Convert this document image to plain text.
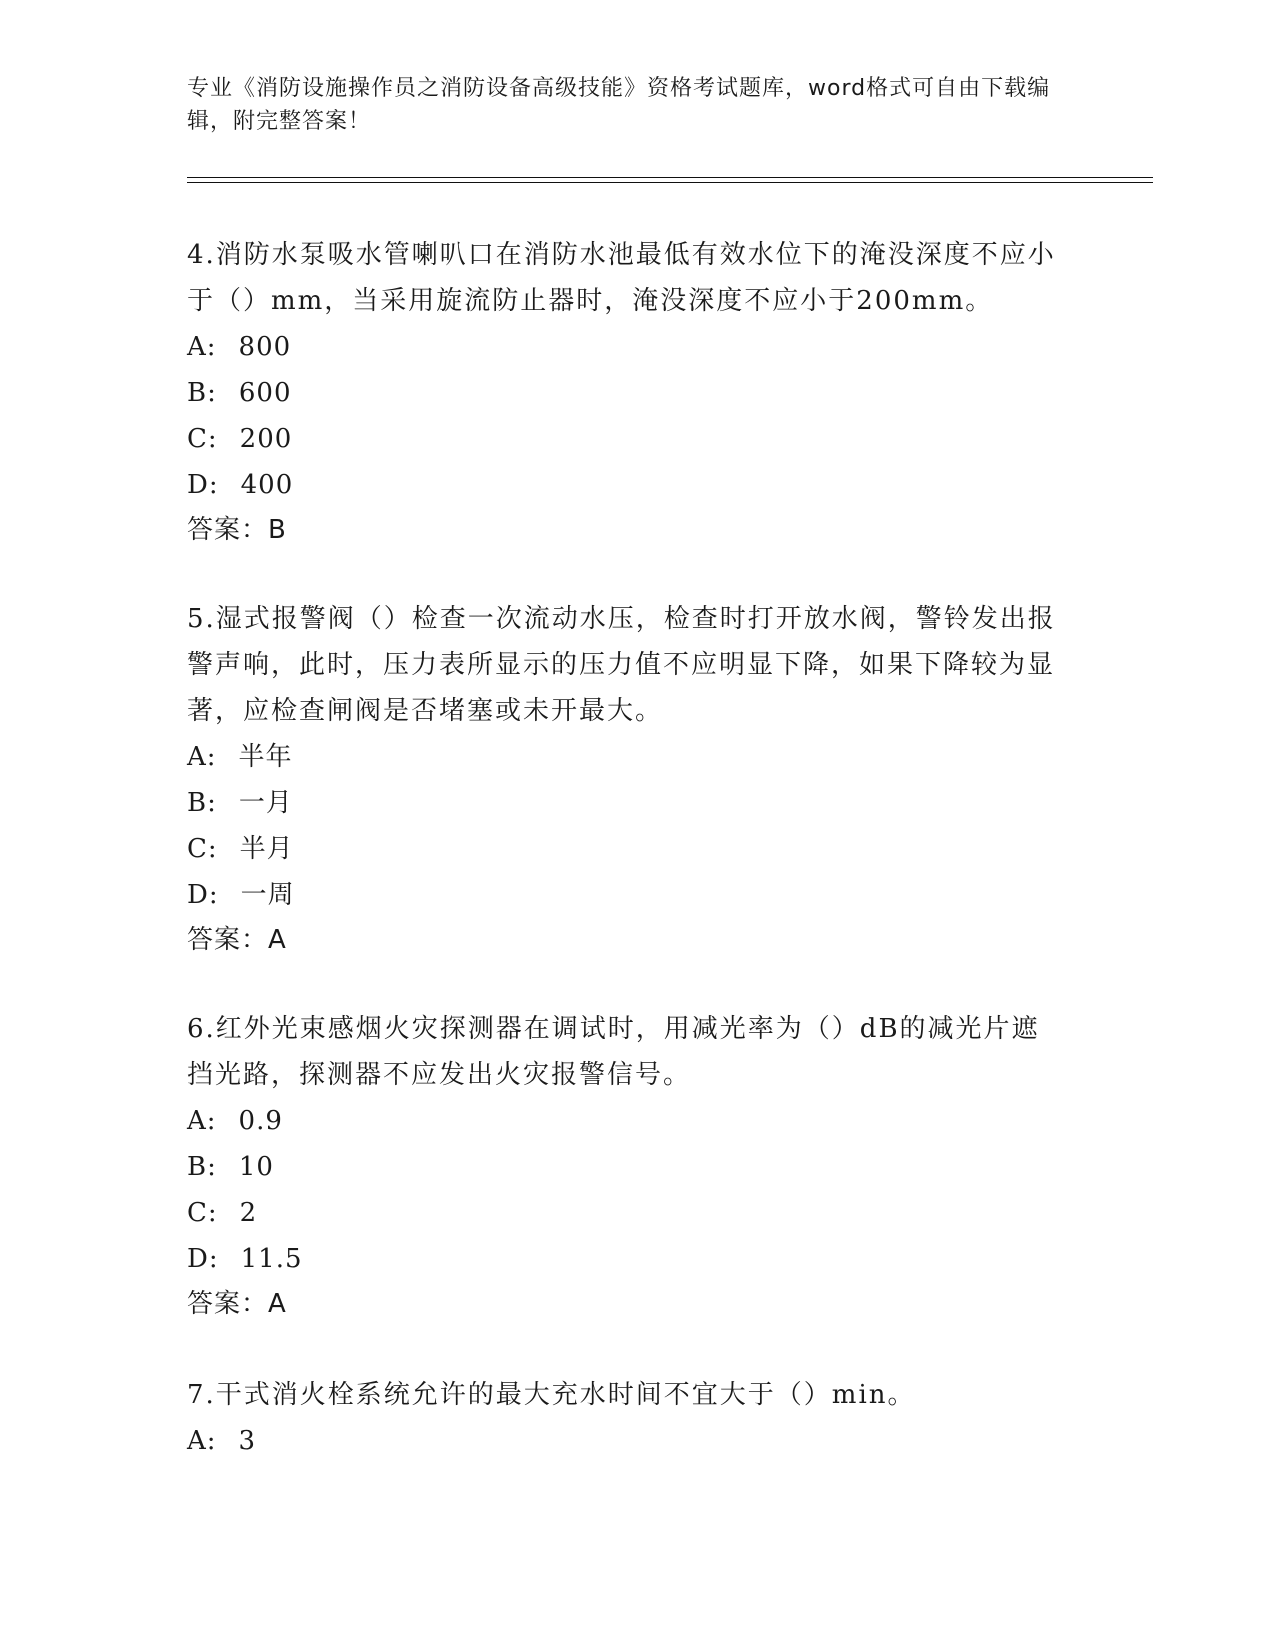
专业《消防设施操作员之消防设备高级技能》资格考试题库，word格式可自由下载编辑，附完整答案！

4.消防水泵吸水管喇叭口在消防水池最低有效水位下的淹没深度不应小于（）mm，当采用旋流防止器时，淹没深度不应小于200mm。

A: 800
B: 600
C: 200
D: 400
答案：B

5.湿式报警阀（）检查一次流动水压，检查时打开放水阀，警铃发出报警声响，此时，压力表所显示的压力值不应明显下降，如果下降较为显著，应检查闸阀是否堵塞或未开最大。

A: 半年
B: 一月
C: 半月
D: 一周
答案：A

6.红外光束感烟火灾探测器在调试时，用减光率为（）dB的减光片遮挡光路，探测器不应发出火灾报警信号。

A: 0.9
B: 10
C: 2
D: 11.5
答案：A

7.干式消火栓系统允许的最大充水时间不宜大于（）min。

A: 3
